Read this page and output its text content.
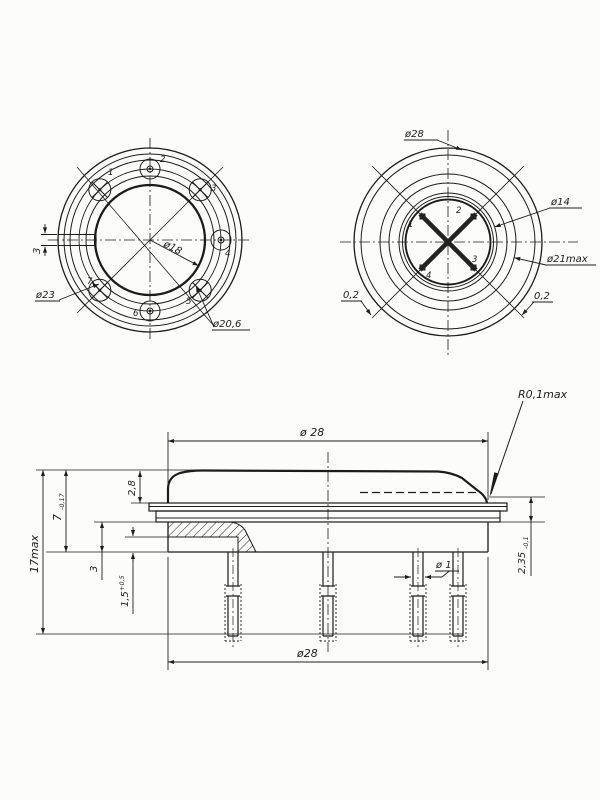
1
2
3
4
5
6
7
ø18
ø23
ø20,6
3
1
2
3
4
ø28
ø14
ø21max
0,2	0,2
ø 28
ø28
17max
7
-0,17
2,8
3
1,5
+0,5
2,35
-0,1
ø 1
R0,1max
